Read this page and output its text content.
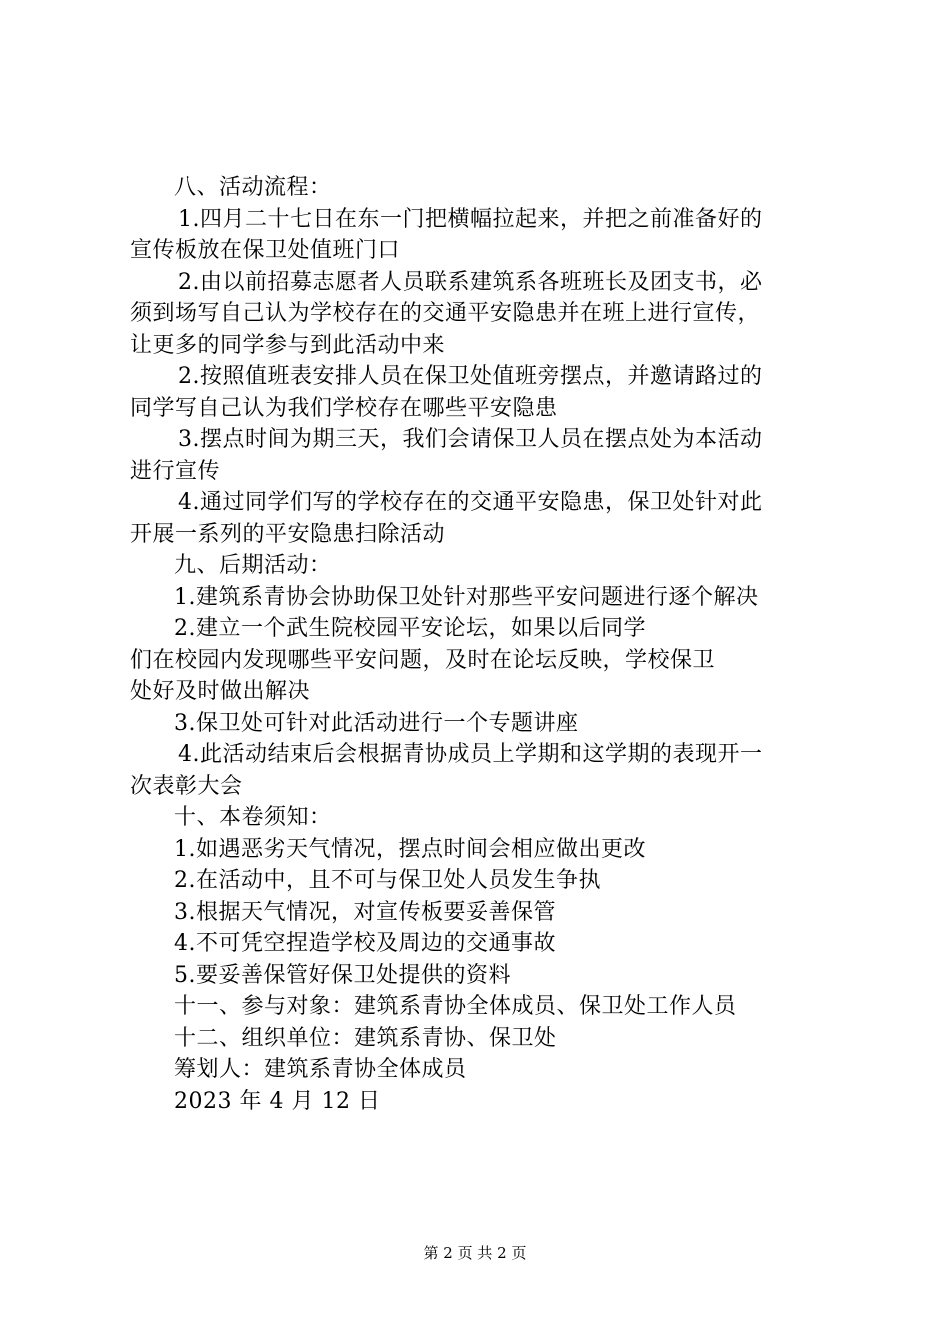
八、活动流程：
1.四月二十七日在东一门把横幅拉起来，并把之前准备好的
宣传板放在保卫处值班门口
2.由以前招募志愿者人员联系建筑系各班班长及团支书，必
须到场写自己认为学校存在的交通平安隐患并在班上进行宣传，
让更多的同学参与到此活动中来
2.按照值班表安排人员在保卫处值班旁摆点，并邀请路过的
同学写自己认为我们学校存在哪些平安隐患
3.摆点时间为期三天，我们会请保卫人员在摆点处为本活动
进行宣传
4.通过同学们写的学校存在的交通平安隐患，保卫处针对此
开展一系列的平安隐患扫除活动
九、后期活动：
1.建筑系青协会协助保卫处针对那些平安问题进行逐个解决
2.建立一个武生院校园平安论坛，如果以后同学
们在校园内发现哪些平安问题，及时在论坛反映，学校保卫
处好及时做出解决
3.保卫处可针对此活动进行一个专题讲座
4.此活动结束后会根据青协成员上学期和这学期的表现开一
次表彰大会
十、本卷须知：
1.如遇恶劣天气情况，摆点时间会相应做出更改
2.在活动中，且不可与保卫处人员发生争执
3.根据天气情况，对宣传板要妥善保管
4.不可凭空捏造学校及周边的交通事故
5.要妥善保管好保卫处提供的资料
十一、参与对象：建筑系青协全体成员、保卫处工作人员
十二、组织单位：建筑系青协、保卫处
筹划人：建筑系青协全体成员
2023 年 4 月 12 日
第 2 页 共 2 页
